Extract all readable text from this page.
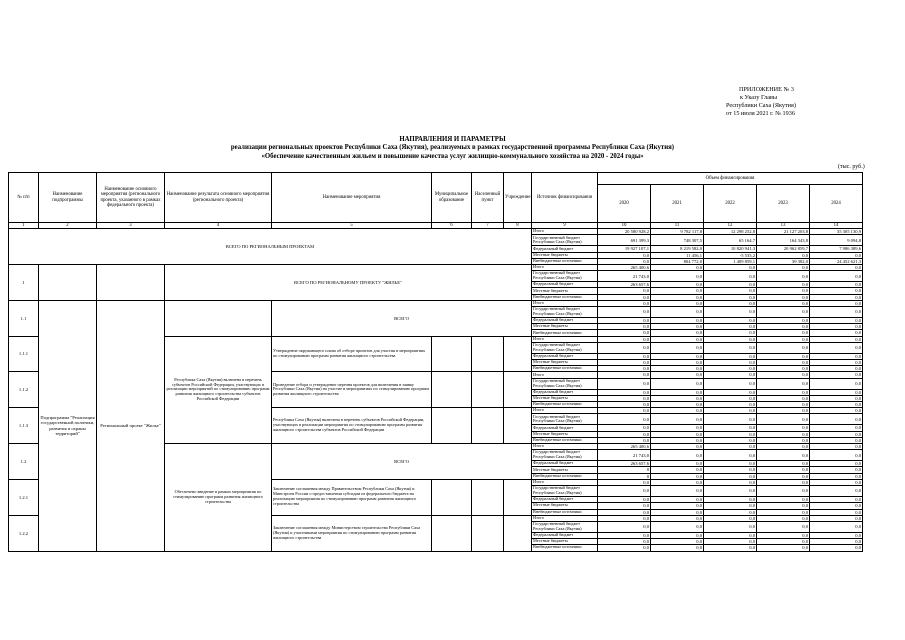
ПРИЛОЖЕНИЕ № 3
к Указу Главы
Республики Саха (Якутия)
от 15 июля 2021 г. № 1936
НАПРАВЛЕНИЯ И ПАРАМЕТРЫ
реализации региональных проектов Республики Саха (Якутия), реализуемых в рамках государственной программы Республики Саха (Якутия)
«Обеспечение качественным жильем и повышение качества услуг жилищно-коммунального хозяйства на 2020 - 2024 годы»
(тыс. руб.)
№ п/п	Наименование подпрограммы	Наименование основного мероприятия (регионального проекта, указанного в рамках федерального проекта)	Наименование результата основного мероприятия (регионального проекта)	Наименование мероприятия	Муниципальное образование	Населенный пункт	Учреждение	Источник финансирования	Объем финансирования				
									2020	2021	2022	2023	2024
1	2	3	4	5	6	7	8	9	10	11	12	13	14
ВСЕГО ПО РЕГИОНАЛЬНЫМ ПРОЕКТАМ								Итого	20 580 928,2	9 782 117,8	12 298 252,8	21 127 203,8	35 305 130,9
								Государственный бюджет Республики Саха (Якутия)	691 399,3	748 307,5	65 164,7	164 343,8	9 094,8
								Федеральный бюджет	19 927 107,1	8 219 582,0	10 820 941,3	20 962 859,7	7 986 389,6
								Местные бюджеты	0,0	11 456,1	-5 535,2	0,0	0,0
								Внебюджетные источники	0,0	804 772,0	1 409 859,1	39 382,0	24 452 621,3
1			ВСЕГО ПО РЕГИОНАЛЬНОМУ ПРОЕКТУ "ЖИЛЬЕ"					Итого	265 400,6	0,0	0,0	0,0	0,0
								Государственный бюджет Республики Саха (Якутия)	21 743,0	0,0	0,0	0,0	0,0
								Федеральный бюджет	263 657,6	0,0	0,0	0,0	0,0
								Местные бюджеты	0,0	0,0	0,0	0,0	0,0
								Внебюджетные источники	0,0	0,0	0,0	0,0	0,0
1.1	Подпрограмма "Реализация государственной политики, развития и охраны территорий"	Региональный проект "Жилье"		ВСЕГО				Итого	0,0	0,0	0,0	0,0	0,0
								Государственный бюджет Республики Саха (Якутия)	0,0	0,0	0,0	0,0	0,0
								Федеральный бюджет	0,0	0,0	0,0	0,0	0,0
								Местные бюджеты	0,0	0,0	0,0	0,0	0,0
								Внебюджетные источники	0,0	0,0	0,0	0,0	0,0
1.1.1			Республика Саха (Якутия) включена в перечень субъектов Российской Федерации, участвующих в реализации мероприятий по стимулированию программ развития жилищного строительства субъектов Российской Федерации	Утверждение окружающего плана об отборе проектов для участия в мероприятиях по стимулированию программ развития жилищного строительства				Итого	0,0	0,0	0,0	0,0	0,0
								Государственный бюджет Республики Саха (Якутия)	0,0	0,0	0,0	0,0	0,0
								Федеральный бюджет	0,0	0,0	0,0	0,0	0,0
								Местные бюджеты	0,0	0,0	0,0	0,0	0,0
								Внебюджетные источники	0,0	0,0	0,0	0,0	0,0
1.1.2				Проведение отбора и утверждение перечня проектов для включения в заявку Республики Саха (Якутия) на участие в мероприятиях по стимулированию программ развития жилищного строительства				Итого	0,0	0,0	0,0	0,0	0,0
								Государственный бюджет Республики Саха (Якутия)	0,0	0,0	0,0	0,0	0,0
								Федеральный бюджет	0,0	0,0	0,0	0,0	0,0
								Местные бюджеты	0,0	0,0	0,0	0,0	0,0
								Внебюджетные источники	0,0	0,0	0,0	0,0	0,0
1.1.3				Республика Саха (Якутия) включена в перечень субъектов Российской Федерации, участвующих в реализации мероприятия по стимулированию программ развития жилищного строительства субъектов Российской Федерации				Итого	0,0	0,0	0,0	0,0	0,0
								Государственный бюджет Республики Саха (Якутия)	0,0	0,0	0,0	0,0	0,0
								Федеральный бюджет	0,0	0,0	0,0	0,0	0,0
								Местные бюджеты	0,0	0,0	0,0	0,0	0,0
								Внебюджетные источники	0,0	0,0	0,0	0,0	0,0
1.2			Обеспечено введение в рамках мероприятия по стимулированию программ развития жилищного строительства	ВСЕГО				Итого	265 400,6	0,0	0,0	0,0	0,0
								Государственный бюджет Республики Саха (Якутия)	21 743,0	0,0	0,0	0,0	0,0
								Федеральный бюджет	263 657,6	0,0	0,0	0,0	0,0
								Местные бюджеты	0	0,0	0,0	0,0	0,0
								Внебюджетные источники	0	0,0	0,0	0,0	0,0
1.2.1				Заключение соглашения между Правительством Республики Саха (Якутия) и Минстроем России о предоставлении субсидии из федерального бюджета на реализацию мероприятия по стимулированию программ развития жилищного строительства				Итого	0,0	0,0	0,0	0,0	0,0
								Государственный бюджет Республики Саха (Якутия)	0,0	0,0	0,0	0,0	0,0
								Федеральный бюджет	0,0	0,0	0,0	0,0	0,0
								Местные бюджеты	0,0	0,0	0,0	0,0	0,0
								Внебюджетные источники	0,0	0,0	0,0	0,0	0,0
1.2.2				Заключение соглашения между Министерством строительства Республики Саха (Якутия) и участниками мероприятия по стимулированию программ развития жилищного строительства				Итого	0,0	0,0	0,0	0,0	0,0
								Государственный бюджет Республики Саха (Якутия)	0,0	0,0	0,0	0,0	0,0
								Федеральный бюджет	0,0	0,0	0,0	0,0	0,0
								Местные бюджеты	0,0	0,0	0,0	0,0	0,0
								Внебюджетные источники	0,0	0,0	0,0	0,0	0,0
